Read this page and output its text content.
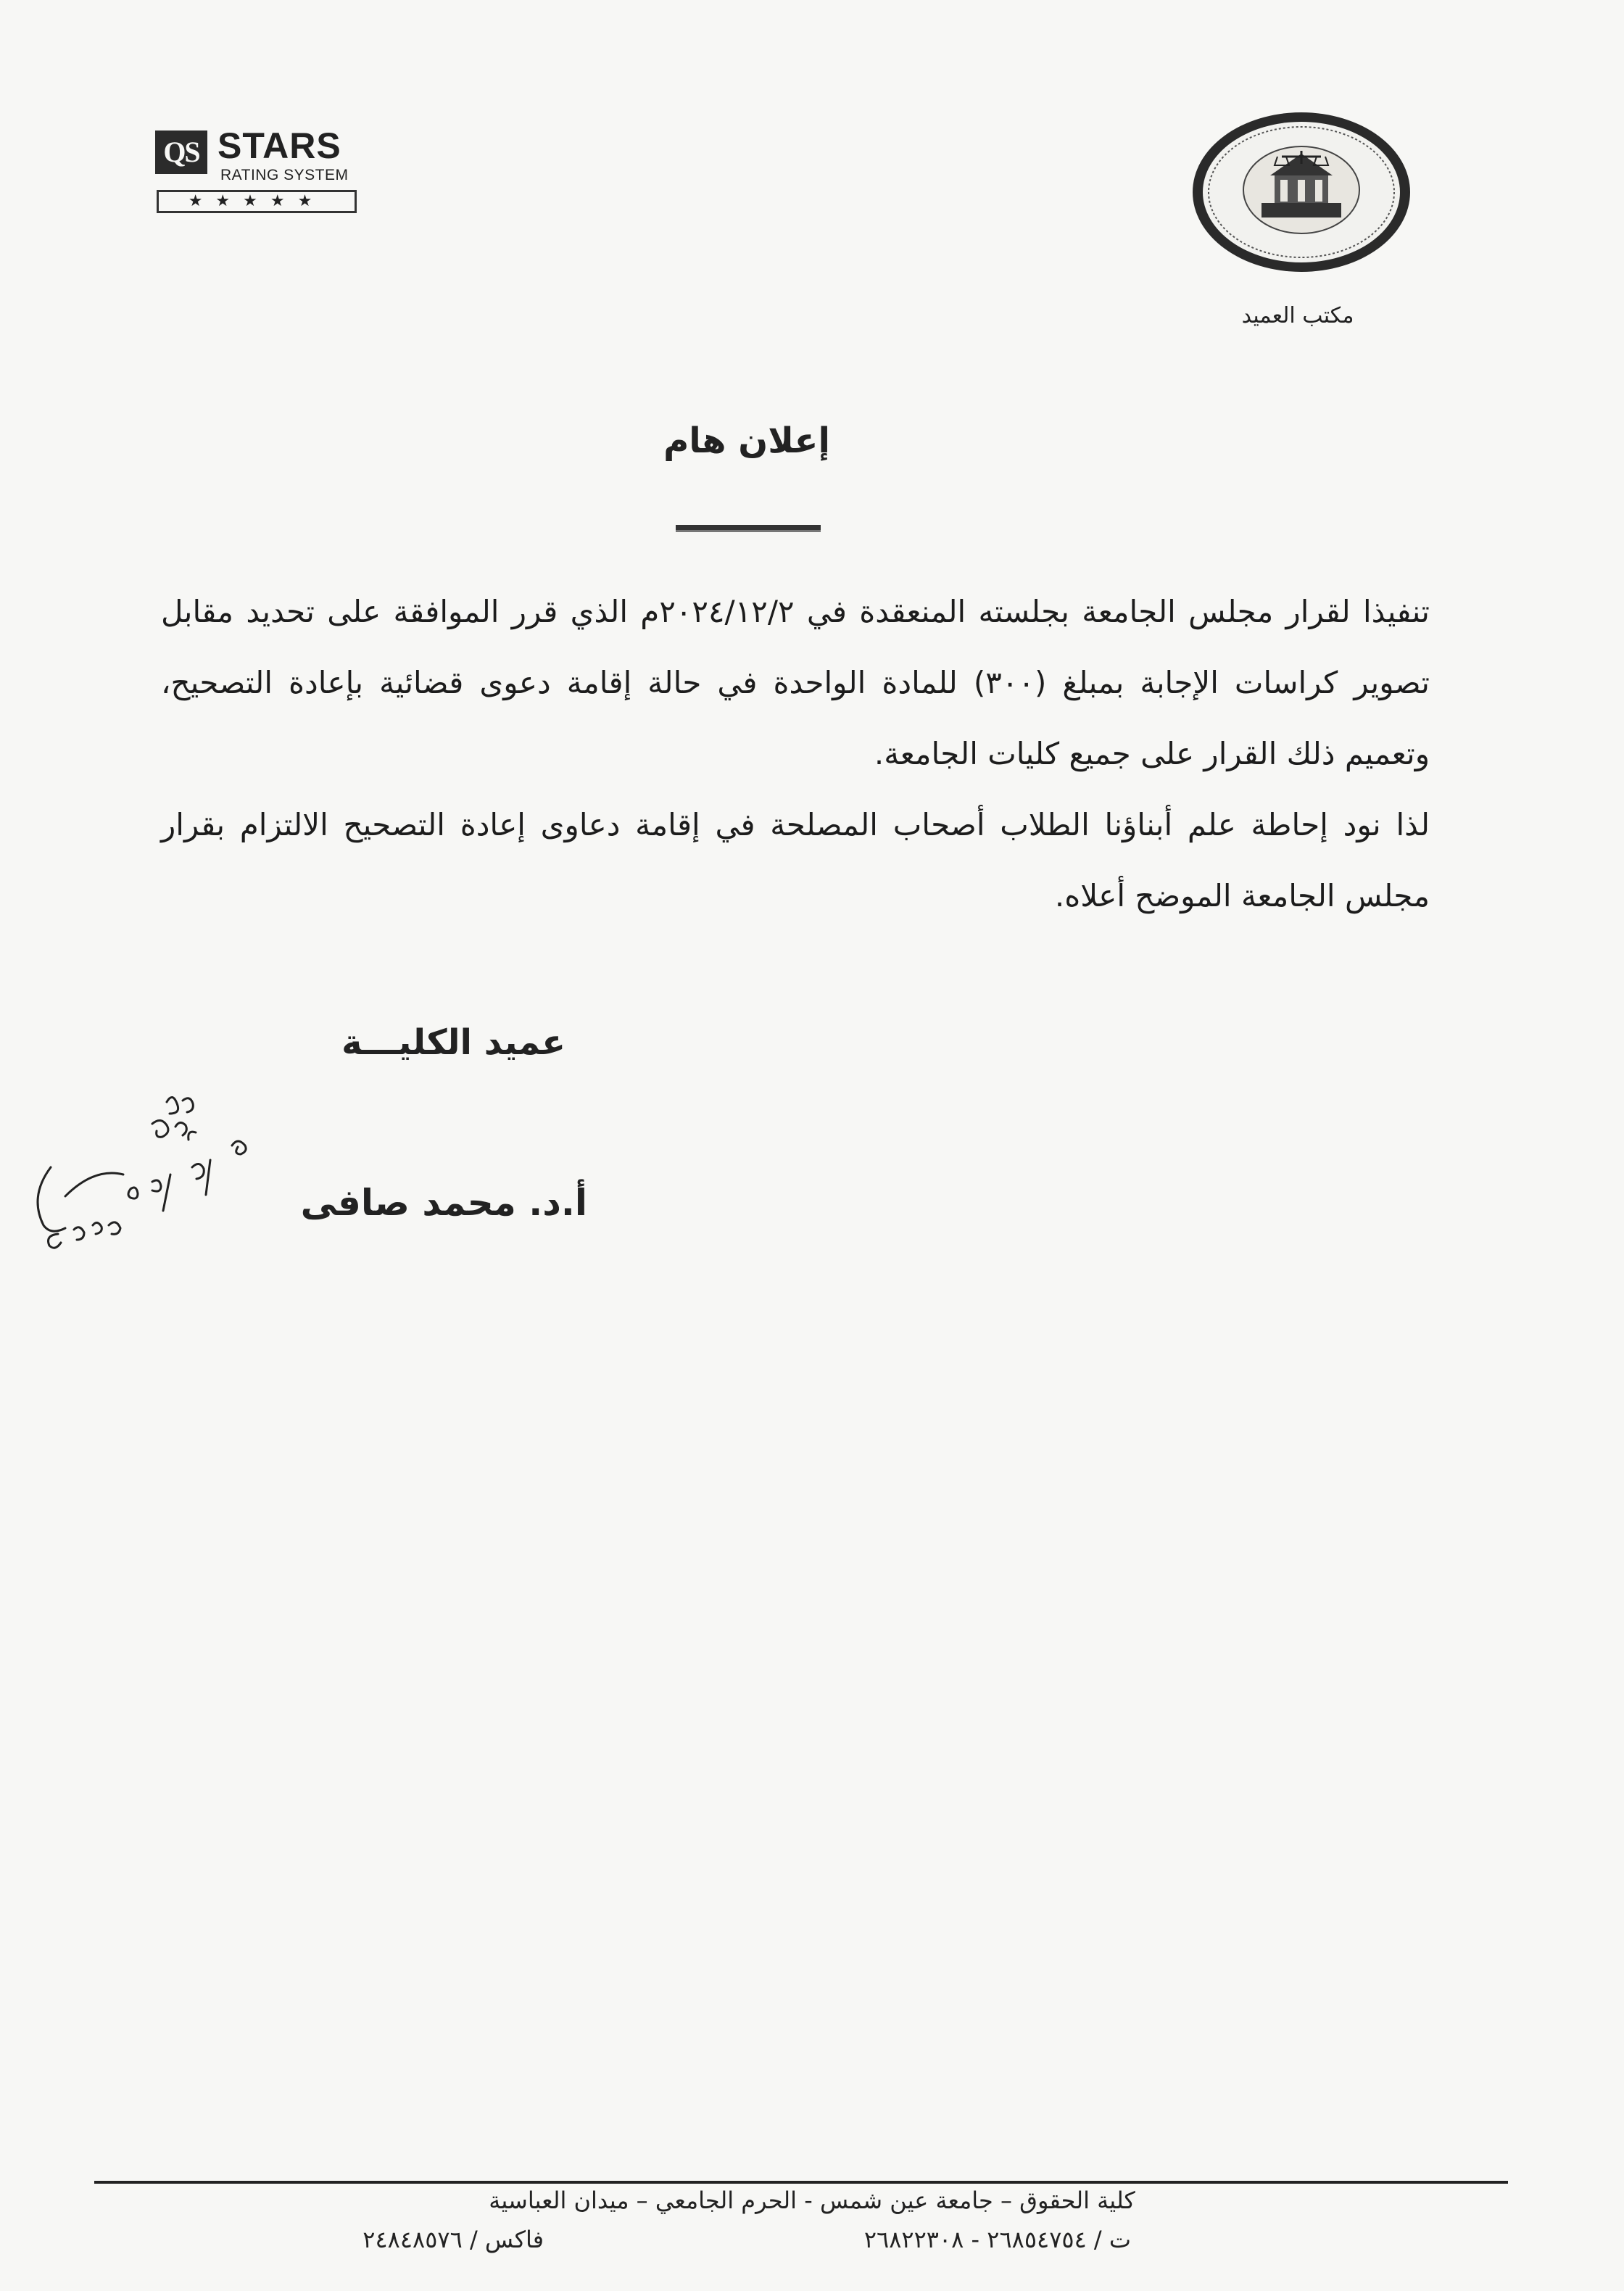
QS STARS
RATING SYSTEM
★★★★★
مكتب العميد
إعلان هام

تنفيذا لقرار مجلس الجامعة بجلسته المنعقدة في ٢٠٢٤/١٢/٢م الذي قرر الموافقة على تحديد مقابل تصوير كراسات الإجابة بمبلغ (٣٠٠) للمادة الواحدة في حالة إقامة دعوى قضائية بإعادة التصحيح، وتعميم ذلك القرار على جميع كليات الجامعة.

لذا نود إحاطة علم أبناؤنا الطلاب أصحاب المصلحة في إقامة دعاوى إعادة التصحيح الالتزام بقرار مجلس الجامعة الموضح أعلاه.

عميد الكليـــة
أ.د. محمد صافى
كلية الحقوق – جامعة عين شمس - الحرم الجامعي – ميدان العباسية
ت / ٢٦٨٥٤٧٥٤ - ٢٦٨٢٢٣٠٨
فاكس / ٢٤٨٤٨٥٧٦
